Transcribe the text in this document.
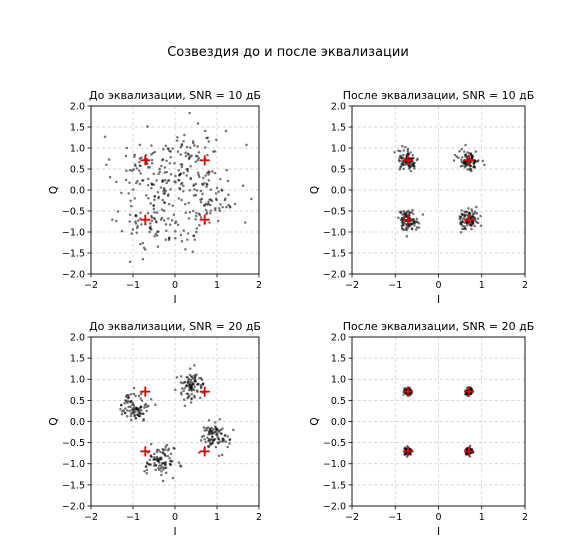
Созвездия до и после эквализации
До эквализации, SNR = 10 дБ
−2	−1	0	1	2
2.0
1.5
1.0
0.5
0.0
−0.5
−1.0
−1.5
−2.0
I
Q
После эквализации, SNR = 10 дБ
−2	−1	0	1	2
2.0
1.5
1.0
0.5
0.0
−0.5
−1.0
−1.5
−2.0
I
Q
До эквализации, SNR = 20 дБ
−2	−1	0	1	2
2.0
1.5
1.0
0.5
0.0
−0.5
−1.0
−1.5
−2.0
I
Q
После эквализации, SNR = 20 дБ
−2	−1	0	1	2
2.0
1.5
1.0
0.5
0.0
−0.5
−1.0
−1.5
−2.0
I
Q
